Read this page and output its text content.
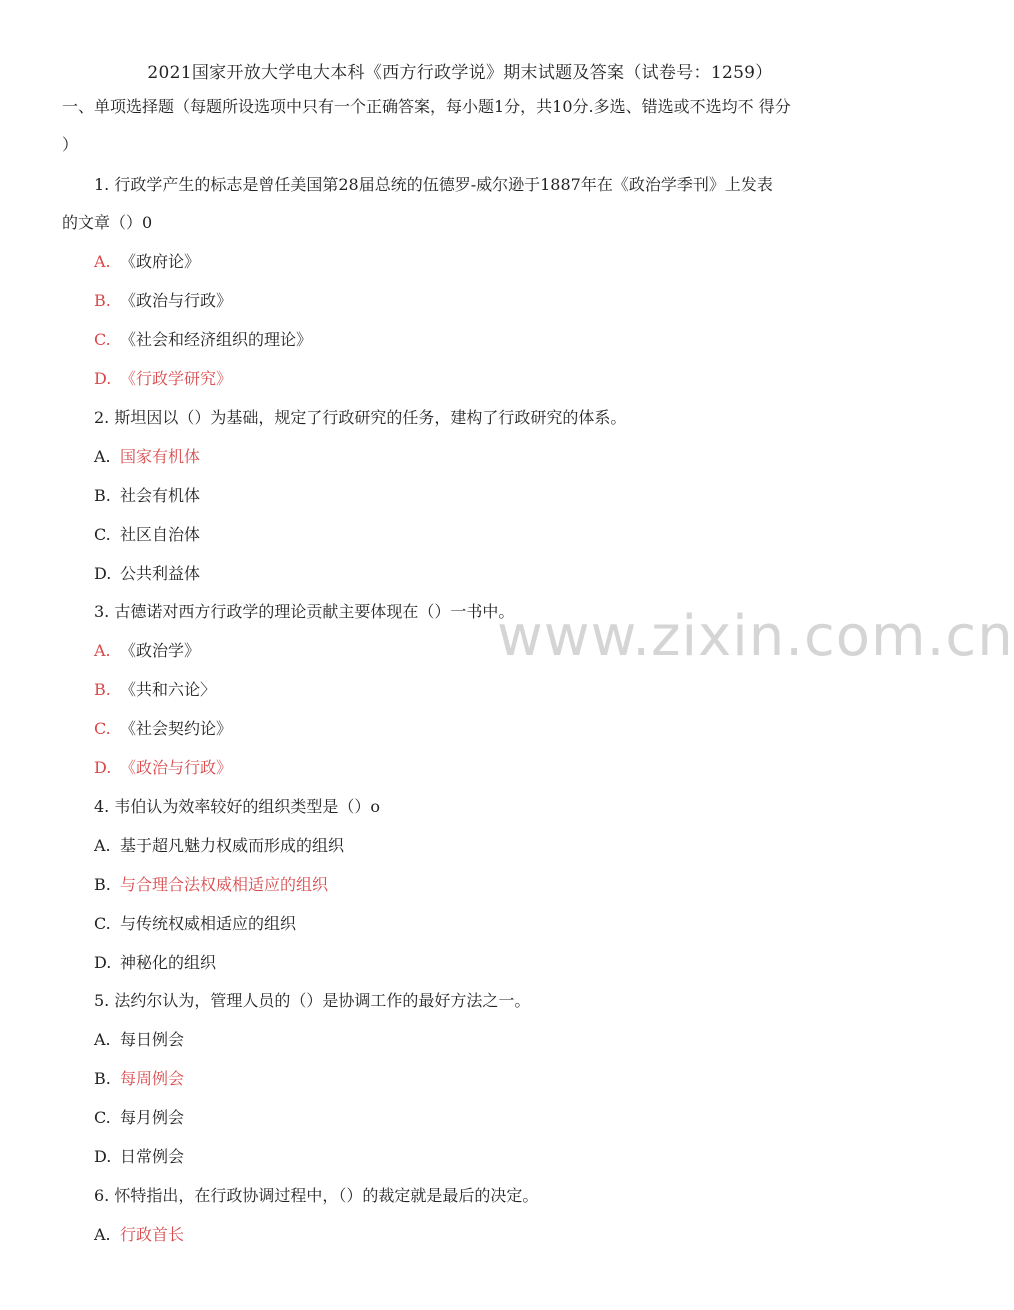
2021国家开放大学电大本科《西方行政学说》期末试题及答案（试卷号：1259）
一、单项选择题（每题所设选项中只有一个正确答案，每小题1分，共10分.多选、错选或不选均不 得分
）
1. 行政学产生的标志是曾任美国第28届总统的伍德罗-威尔逊于1887年在《政治学季刊》上发表
的文章（）0
A. 《政府论》
B. 《政治与行政》
C. 《社会和经济组织的理论》
D. 《行政学研究》
2. 斯坦因以（）为基础，规定了行政研究的任务，建构了行政研究的体系。
A. 国家有机体
B. 社会有机体
C. 社区自治体
D. 公共利益体
3. 古德诺对西方行政学的理论贡献主要体现在（）一书中。
A. 《政治学》
B. 《共和六论〉
C. 《社会契约论》
D. 《政治与行政》
4. 韦伯认为效率较好的组织类型是（）o
A. 基于超凡魅力权威而形成的组织
B. 与合理合法权威相适应的组织
C. 与传统权威相适应的组织
D. 神秘化的组织
5. 法约尔认为，管理人员的（）是协调工作的最好方法之一。
A. 每日例会
B. 每周例会
C. 每月例会
D. 日常例会
6. 怀特指出，在行政协调过程中，（）的裁定就是最后的决定。
A. 行政首长
www.zixin.com.cn
